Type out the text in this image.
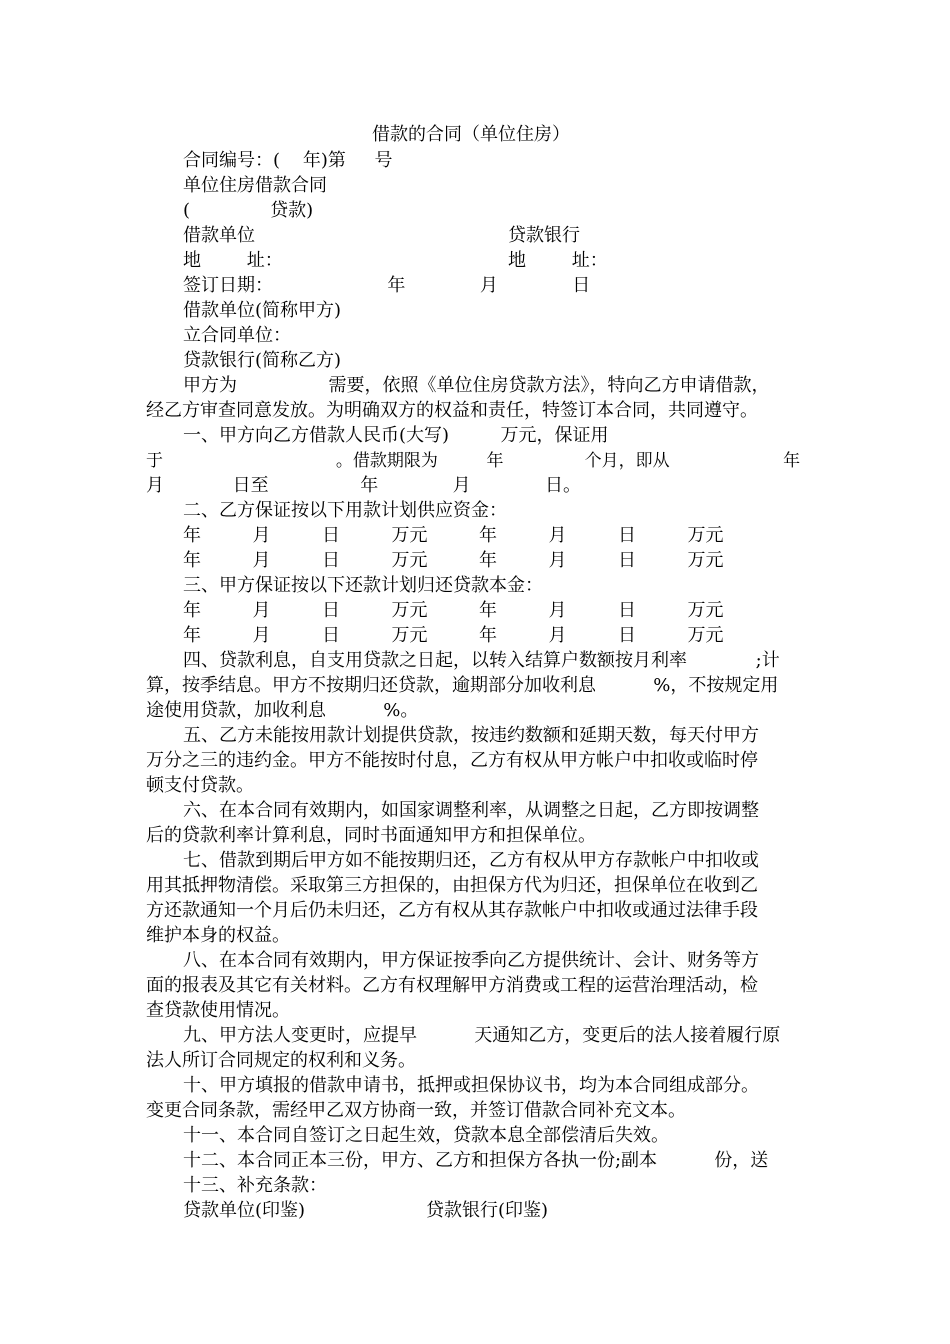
借款的合同（单位住房）
合同编号：(    年)第     号
单位住房借款合同
(              贷款)
借款单位	贷款银行
地        址：	地        址：
签订日期：                    年             月             日
借款单位(简称甲方)
立合同单位：
贷款银行(简称乙方)
甲方为                需要，依照《单位住房贷款方法》，特向乙方申请借款，
经乙方审查同意发放。为明确双方的权益和责任，特签订本合同，共同遵守。
一、甲方向乙方借款人民币(大写)         万元，保证用
于                                。借款期限为         年               个月，即从                     年
月            日至                年             月             日。
二、乙方保证按以下用款计划供应资金：
年         月         日         万元         年         月         日         万元
年         月         日         万元         年         月         日         万元
三、甲方保证按以下还款计划归还贷款本金：
年         月         日         万元         年         月         日         万元
年         月         日         万元         年         月         日         万元
四、贷款利息，自支用贷款之日起，以转入结算户数额按月利率            ;计
算，按季结息。甲方不按期归还贷款，逾期部分加收利息          %，不按规定用
途使用贷款，加收利息          %。
五、乙方未能按用款计划提供贷款，按违约数额和延期天数，每天付甲方
万分之三的违约金。甲方不能按时付息，乙方有权从甲方帐户中扣收或临时停
顿支付贷款。
六、在本合同有效期内，如国家调整利率，从调整之日起，乙方即按调整
后的贷款利率计算利息，同时书面通知甲方和担保单位。
七、借款到期后甲方如不能按期归还，乙方有权从甲方存款帐户中扣收或
用其抵押物清偿。采取第三方担保的，由担保方代为归还，担保单位在收到乙
方还款通知一个月后仍未归还，乙方有权从其存款帐户中扣收或通过法律手段
维护本身的权益。
八、在本合同有效期内，甲方保证按季向乙方提供统计、会计、财务等方
面的报表及其它有关材料。乙方有权理解甲方消费或工程的运营治理活动，检
查贷款使用情况。
九、甲方法人变更时，应提早          天通知乙方，变更后的法人接着履行原
法人所订合同规定的权利和义务。
十、甲方填报的借款申请书，抵押或担保协议书，均为本合同组成部分。
变更合同条款，需经甲乙双方协商一致，并签订借款合同补充文本。
十一、本合同自签订之日起生效，贷款本息全部偿清后失效。
十二、本合同正本三份，甲方、乙方和担保方各执一份;副本          份，送
十三、补充条款：
贷款单位(印鉴)	贷款银行(印鉴)
